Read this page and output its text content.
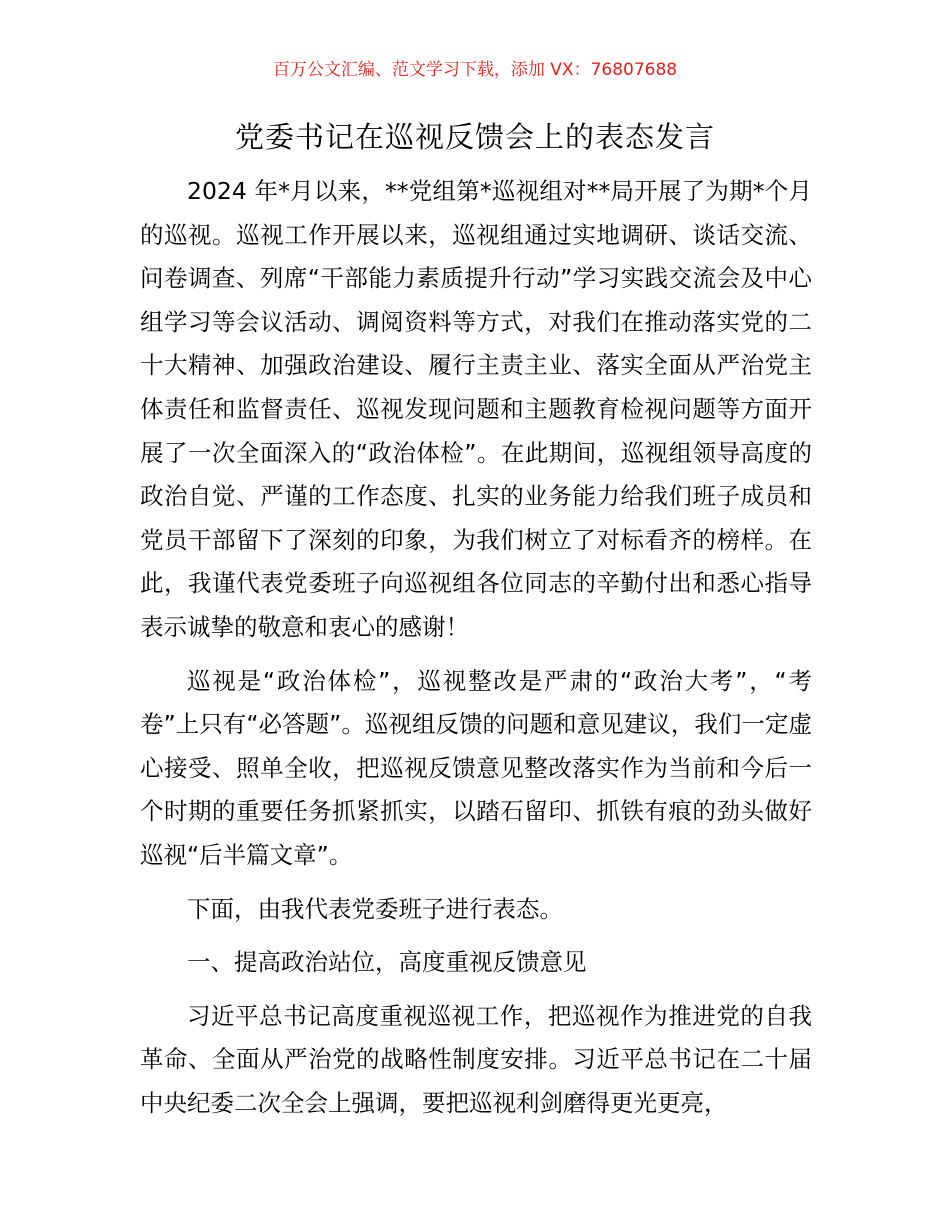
百万公文汇编、范文学习下载，添加 VX：76807688
党委书记在巡视反馈会上的表态发言

2024 年*月以来，**党组第*巡视组对**局开展了为期*个月的巡视。巡视工作开展以来，巡视组通过实地调研、谈话交流、问卷调查、列席“干部能力素质提升行动”学习实践交流会及中心组学习等会议活动、调阅资料等方式，对我们在推动落实党的二十大精神、加强政治建设、履行主责主业、落实全面从严治党主体责任和监督责任、巡视发现问题和主题教育检视问题等方面开展了一次全面深入的“政治体检”。在此期间，巡视组领导高度的政治自觉、严谨的工作态度、扎实的业务能力给我们班子成员和党员干部留下了深刻的印象，为我们树立了对标看齐的榜样。在此，我谨代表党委班子向巡视组各位同志的辛勤付出和悉心指导表示诚挚的敬意和衷心的感谢！

巡视是“政治体检”，巡视整改是严肃的“政治大考”，“考卷”上只有“必答题”。巡视组反馈的问题和意见建议，我们一定虚心接受、照单全收，把巡视反馈意见整改落实作为当前和今后一个时期的重要任务抓紧抓实，以踏石留印、抓铁有痕的劲头做好巡视“后半篇文章”。

下面，由我代表党委班子进行表态。

一、提高政治站位，高度重视反馈意见

习近平总书记高度重视巡视工作，把巡视作为推进党的自我革命、全面从严治党的战略性制度安排。习近平总书记在二十届中央纪委二次全会上强调，要把巡视利剑磨得更光更亮，
